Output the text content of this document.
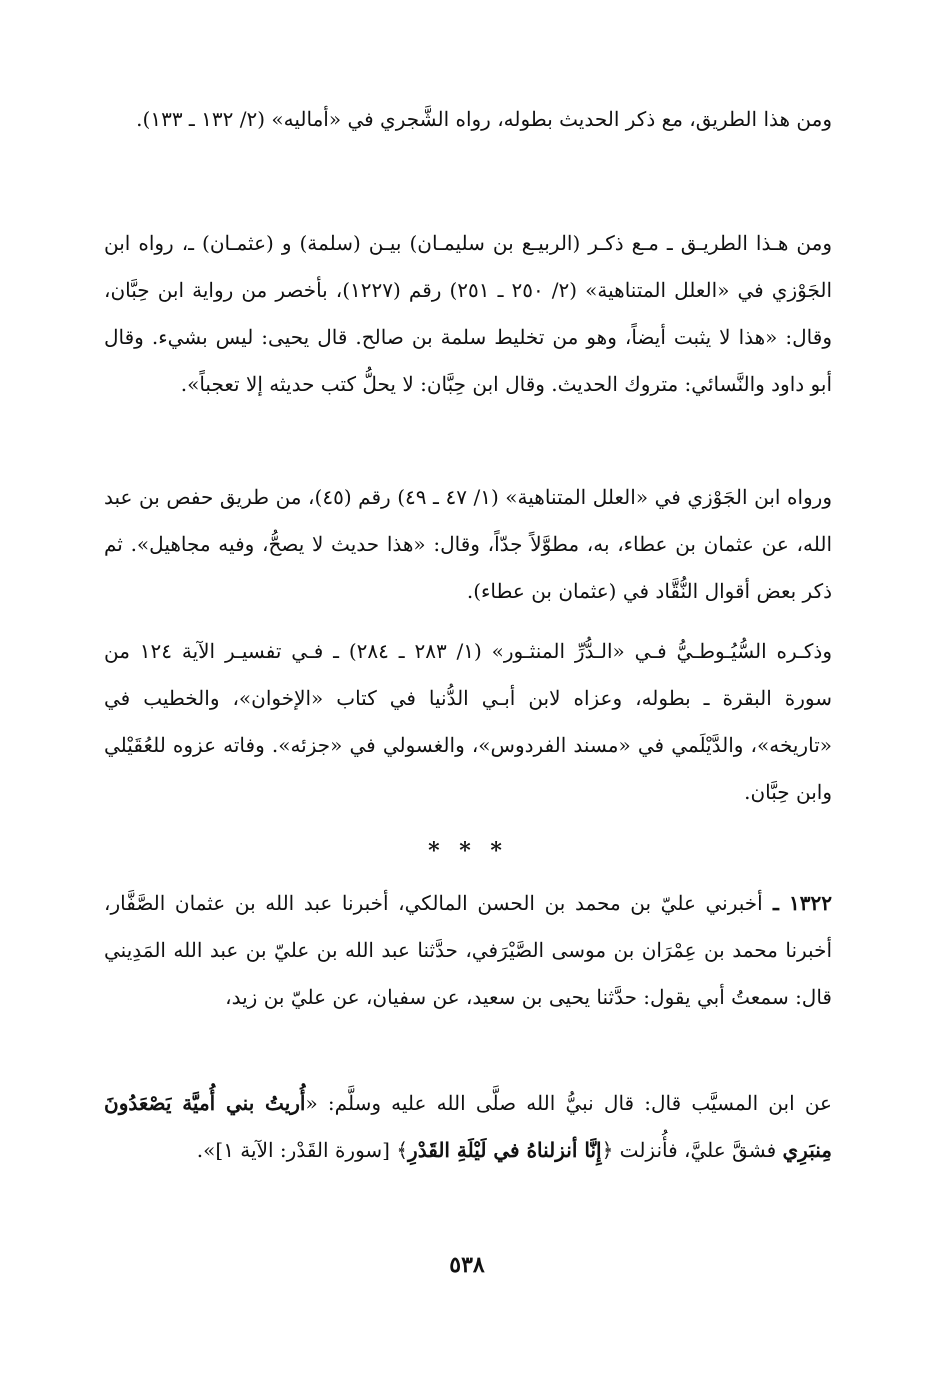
ومن هذا الطريق، مع ذكر الحديث بطوله، رواه الشَّجري في «أماليه» (٢/ ١٣٢ ـ ١٣٣).

ومن هـذا الطريـق ـ مـع ذكـر (الربيـع بن سليمـان) بيـن (سلمة) و (عثمـان) ـ، رواه ابن الجَوْزي في «العلل المتناهية» (٢/ ٢٥٠ ـ ٢٥١) رقم (١٢٢٧)، بأخصر من رواية ابن حِبَّان، وقال: «هذا لا يثبت أيضاً، وهو من تخليط سلمة بن صالح. قال يحيى: ليس بشيء. وقال أبو داود والنَّسائي: متروك الحديث. وقال ابن حِبَّان: لا يحلُّ كتب حديثه إلا تعجباً».

ورواه ابن الجَوْزي في «العلل المتناهية» (١/ ٤٧ ـ ٤٩) رقم (٤٥)، من طريق حفص بن عبد الله، عن عثمان بن عطاء، به، مطوَّلاً جدّاً، وقال: «هذا حديث لا يصحُّ، وفيه مجاهيل». ثم ذكر بعض أقوال النُّقَّاد في (عثمان بن عطاء).

وذكـره السُّيُـوطـيُّ فـي «الـدُّرِّ المنثـور» (١/ ٢٨٣ ـ ٢٨٤) ـ فـي تفسيـر الآية ١٢٤ من سورة البقرة ـ بطوله، وعزاه لابن أبـي الدُّنيا في كتاب «الإخوان»، والخطيب في «تاريخه»، والدَّيْلَمي في «مسند الفردوس»، والغسولي في «جزئه». وفاته عزوه للعُقَيْلي وابن حِبَّان.

* * *

١٣٢٢ ـ أخبرني عليّ بن محمد بن الحسن المالكي، أخبرنا عبد الله بن عثمان الصَّفَّار، أخبرنا محمد بن عِمْرَان بن موسى الصَّيْرَفي، حدَّثنا عبد الله بن عليّ بن عبد الله المَدِيني قال: سمعتُ أبي يقول: حدَّثنا يحيى بن سعيد، عن سفيان، عن عليّ بن زيد،

عن ابن المسيَّب قال: قال نبيُّ الله صلَّى الله عليه وسلَّم: «أُريتُ بني أُميَّة يَصْعَدُونَ مِنبَرِي فشقَّ عليَّ، فأُنزلت ﴿إِنَّا أنزلناهُ في لَيْلَةِ القَدْرِ﴾ [سورة القَدْر: الآية ١]».

٥٣٨
